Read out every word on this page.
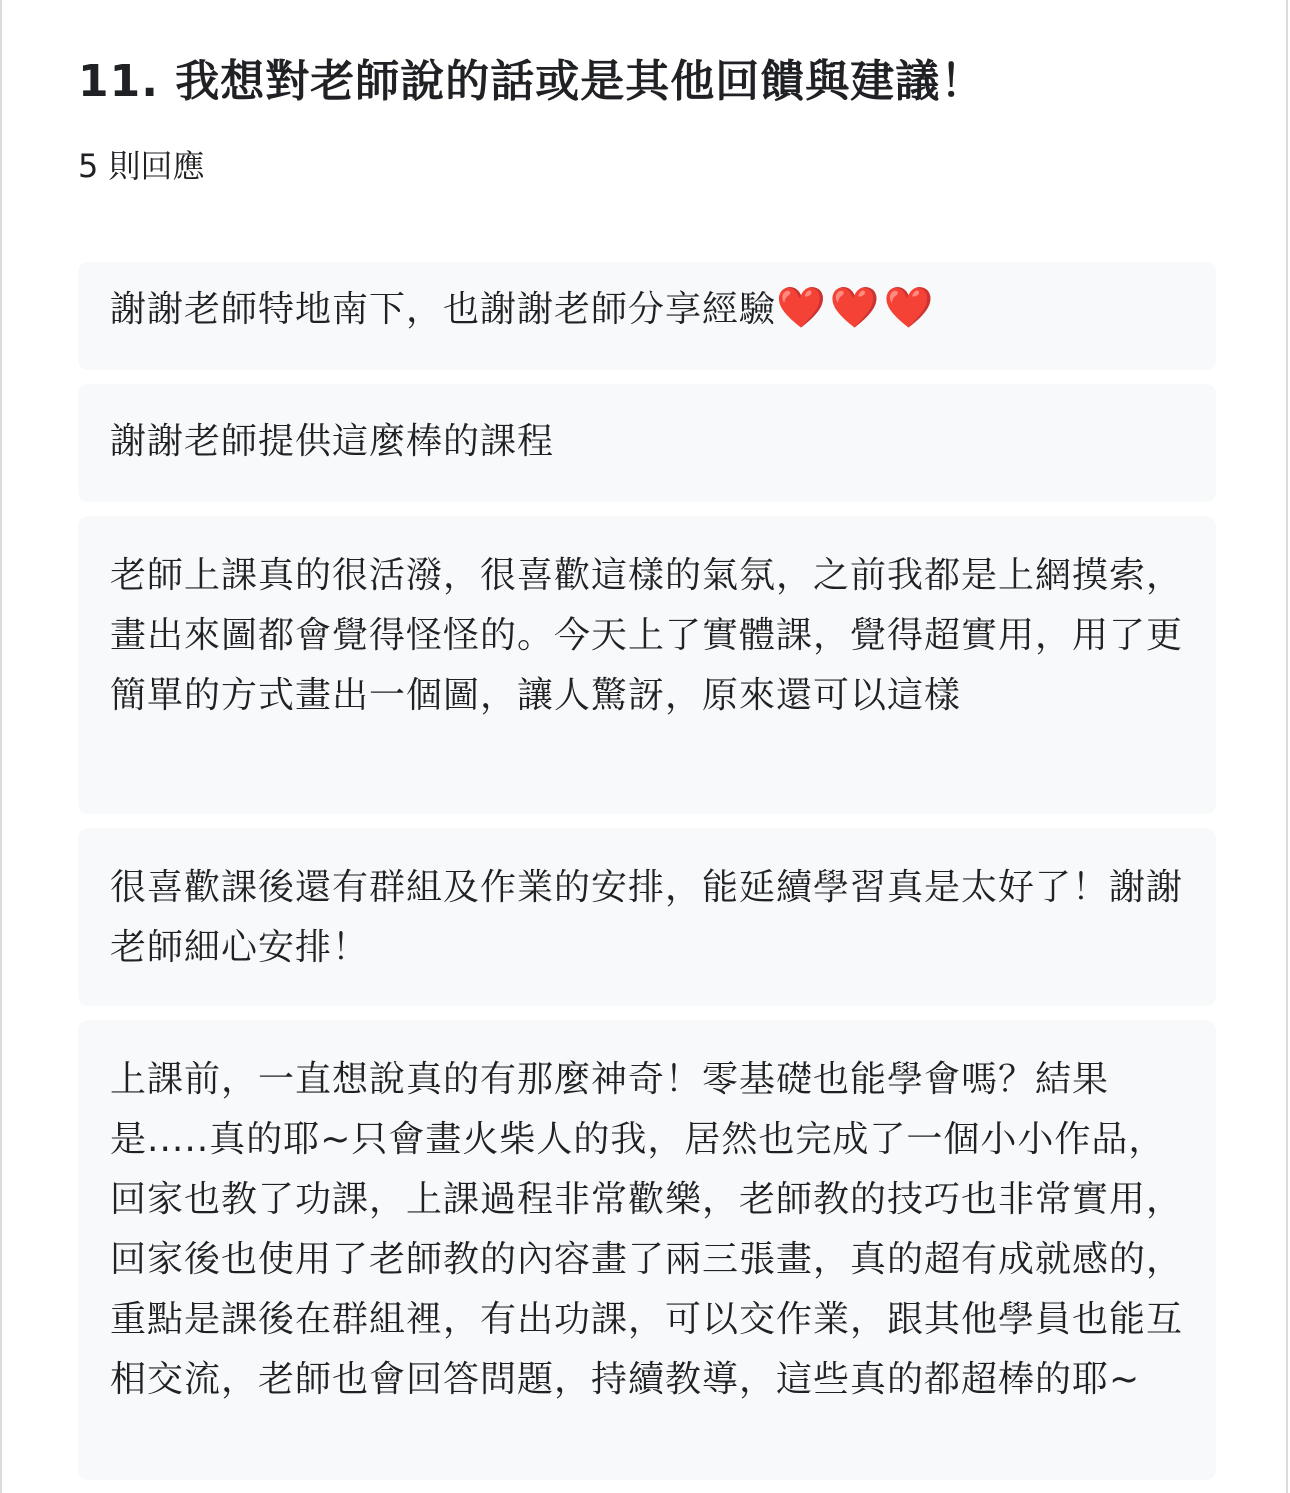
11. 我想對老師說的話或是其他回饋與建議！
5 則回應
謝謝老師特地南下，也謝謝老師分享經驗❤️❤️❤️
謝謝老師提供這麼棒的課程
老師上課真的很活潑，很喜歡這樣的氣氛，之前我都是上網摸索，畫出來圖都會覺得怪怪的。今天上了實體課，覺得超實用，用了更簡單的方式畫出一個圖，讓人驚訝，原來還可以這樣
很喜歡課後還有群組及作業的安排，能延續學習真是太好了！謝謝老師細心安排！
上課前，一直想說真的有那麼神奇！零基礎也能學會嗎？結果是.....真的耶~只會畫火柴人的我，居然也完成了一個小小作品，回家也教了功課，上課過程非常歡樂，老師教的技巧也非常實用，回家後也使用了老師教的內容畫了兩三張畫，真的超有成就感的，重點是課後在群組裡，有出功課，可以交作業，跟其他學員也能互相交流，老師也會回答問題，持續教導，這些真的都超棒的耶~
